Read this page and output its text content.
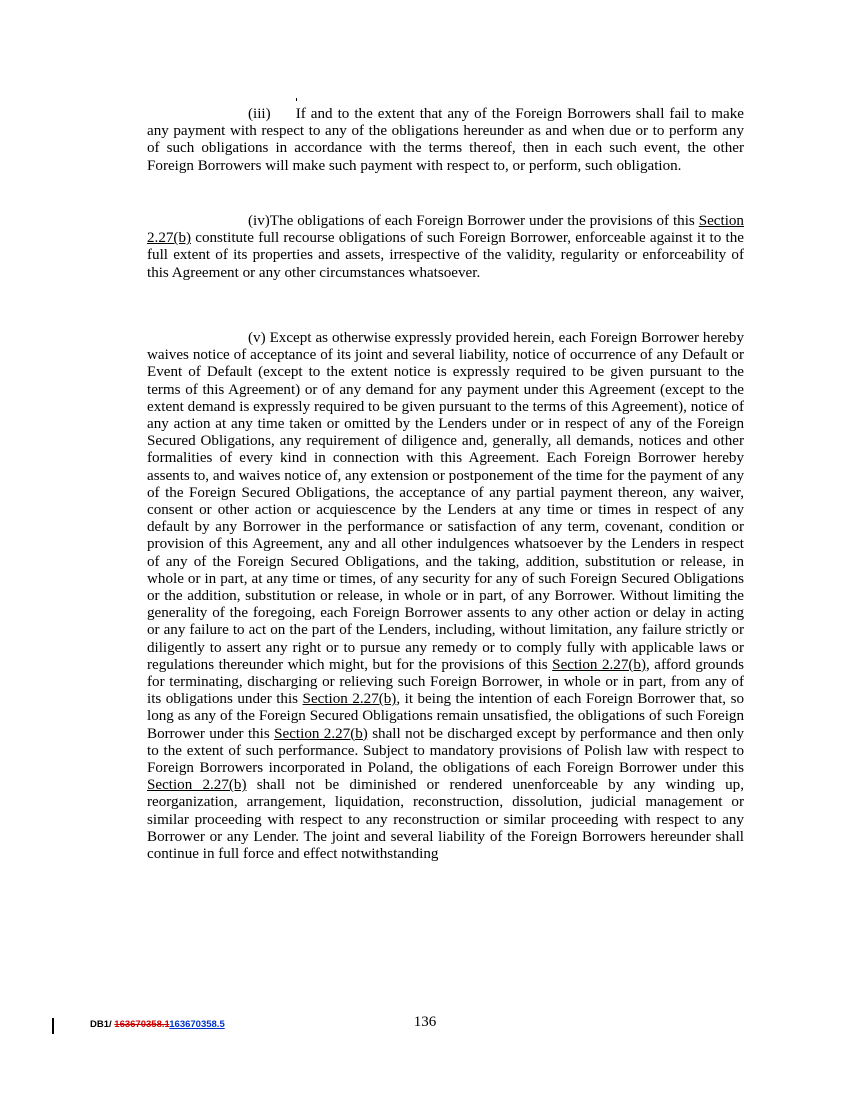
(iii) If and to the extent that any of the Foreign Borrowers shall fail to make any payment with respect to any of the obligations hereunder as and when due or to perform any of such obligations in accordance with the terms thereof, then in each such event, the other Foreign Borrowers will make such payment with respect to, or perform, such obligation.

(iv)The obligations of each Foreign Borrower under the provisions of this Section 2.27(b) constitute full recourse obligations of such Foreign Borrower, enforceable against it to the full extent of its properties and assets, irrespective of the validity, regularity or enforceability of this Agreement or any other circumstances whatsoever.

(v) Except as otherwise expressly provided herein, each Foreign Borrower hereby waives notice of acceptance of its joint and several liability, notice of occurrence of any Default or Event of Default (except to the extent notice is expressly required to be given pursuant to the terms of this Agreement) or of any demand for any payment under this Agreement (except to the extent demand is expressly required to be given pursuant to the terms of this Agreement), notice of any action at any time taken or omitted by the Lenders under or in respect of any of the Foreign Secured Obligations, any requirement of diligence and, generally, all demands, notices and other formalities of every kind in connection with this Agreement. Each Foreign Borrower hereby assents to, and waives notice of, any extension or postponement of the time for the payment of any of the Foreign Secured Obligations, the acceptance of any partial payment thereon, any waiver, consent or other action or acquiescence by the Lenders at any time or times in respect of any default by any Borrower in the performance or satisfaction of any term, covenant, condition or provision of this Agreement, any and all other indulgences whatsoever by the Lenders in respect of any of the Foreign Secured Obligations, and the taking, addition, substitution or release, in whole or in part, at any time or times, of any security for any of such Foreign Secured Obligations or the addition, substitution or release, in whole or in part, of any Borrower. Without limiting the generality of the foregoing, each Foreign Borrower assents to any other action or delay in acting or any failure to act on the part of the Lenders, including, without limitation, any failure strictly or diligently to assert any right or to pursue any remedy or to comply fully with applicable laws or regulations thereunder which might, but for the provisions of this Section 2.27(b), afford grounds for terminating, discharging or relieving such Foreign Borrower, in whole or in part, from any of its obligations under this Section 2.27(b), it being the intention of each Foreign Borrower that, so long as any of the Foreign Secured Obligations remain unsatisfied, the obligations of such Foreign Borrower under this Section 2.27(b) shall not be discharged except by performance and then only to the extent of such performance. Subject to mandatory provisions of Polish law with respect to Foreign Borrowers incorporated in Poland, the obligations of each Foreign Borrower under this Section 2.27(b) shall not be diminished or rendered unenforceable by any winding up, reorganization, arrangement, liquidation, reconstruction, dissolution, judicial management or similar proceeding with respect to any reconstruction or similar proceeding with respect to any Borrower or any Lender. The joint and several liability of the Foreign Borrowers hereunder shall continue in full force and effect notwithstanding

DB1/ 163670358.1163670358.5	136
